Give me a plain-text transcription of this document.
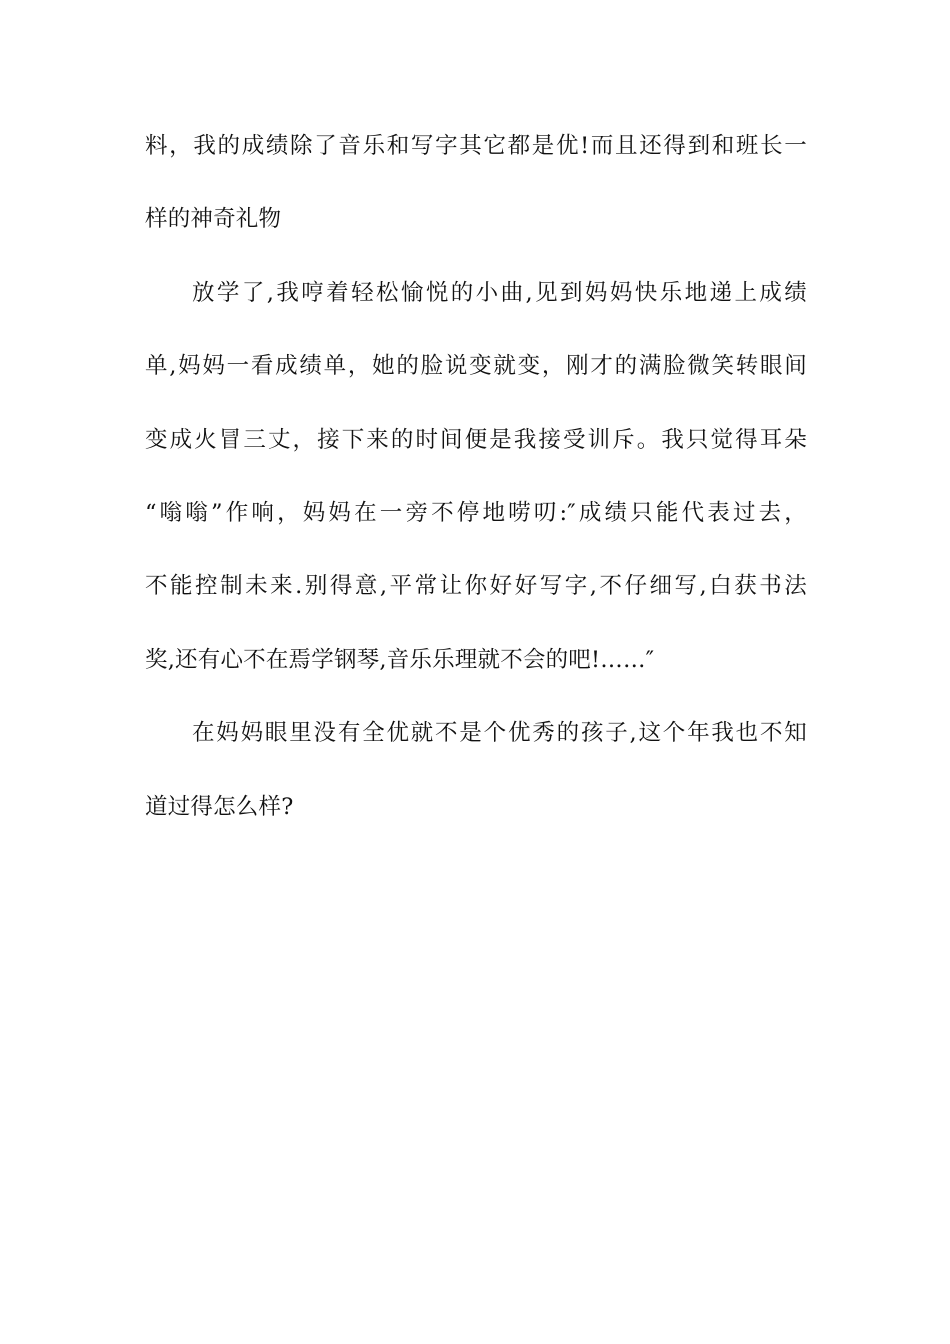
料，我的成绩除了音乐和写字其它都是优!而且还得到和班长一
样的神奇礼物
放学了,我哼着轻松愉悦的小曲,见到妈妈快乐地递上成绩
单,妈妈一看成绩单，她的脸说变就变，刚才的满脸微笑转眼间
变成火冒三丈，接下来的时间便是我接受训斥。我只觉得耳朵
“嗡嗡”作响，妈妈在一旁不停地唠叨:″成绩只能代表过去，
不能控制未来.别得意,平常让你好好写字,不仔细写,白获书法
奖,还有心不在焉学钢琴,音乐乐理就不会的吧!……″
在妈妈眼里没有全优就不是个优秀的孩子,这个年我也不知
道过得怎么样?
